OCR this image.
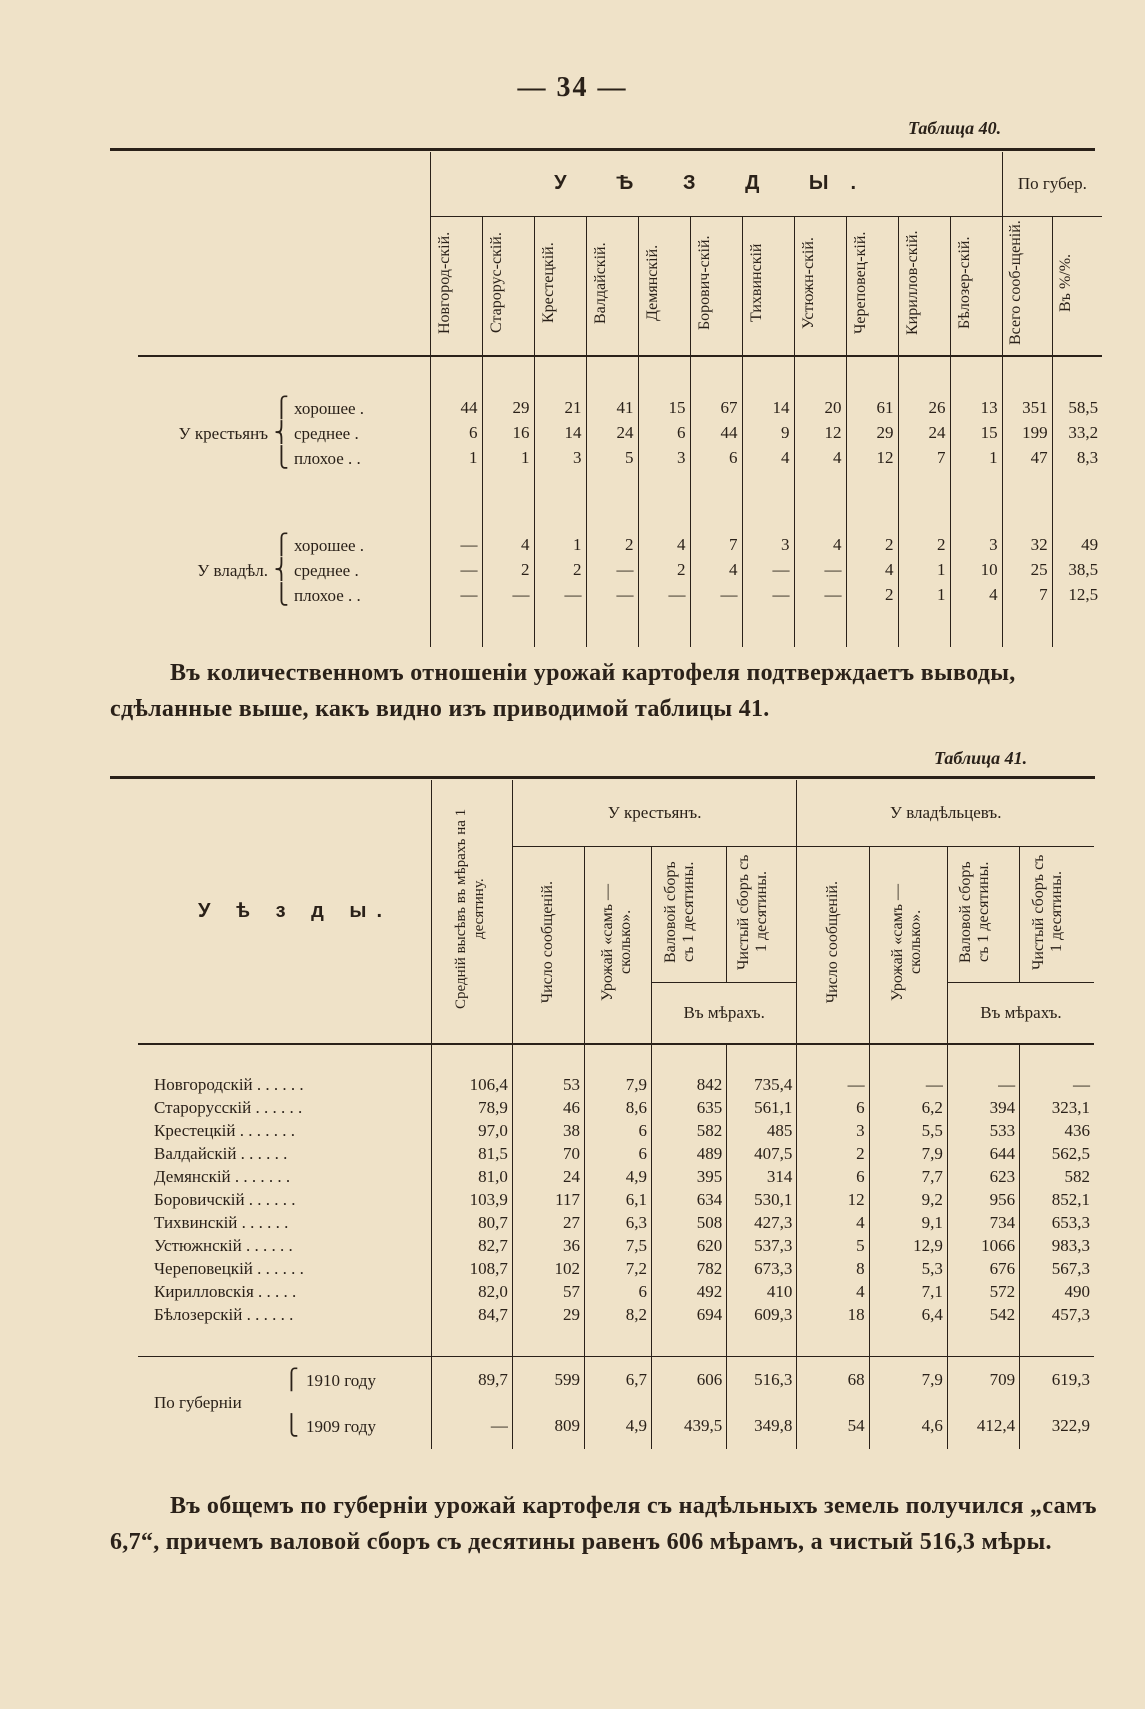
— 34 —
Таблица 40.
	У Ѣ З Д Ы.											По губер.	
	Новгород-скій.	Старорус-скій.	Крестецкій.	Валдайскій.	Демянскій.	Борович-скій.	Тихвинскій	Устюжн-скій.	Череповец-кій.	Кириллов-скій.	Бѣлозер-скій.	Всего сооб-щеній.	Въ %/%.

⎧ хорошее .	44	29	21	41	15	67	14	20	61	26	13	351	58,5
У крестьянъ ⎨ среднее .	6	16	14	24	6	44	9	12	29	24	15	199	33,2
⎩ плохое . .	1	1	3	5	3	6	4	4	12	7	1	47	8,3

⎧ хорошее .	—	4	1	2	4	7	3	4	2	2	3	32	49
У владѣл. ⎨ среднее .	—	2	2	—	2	4	—	—	4	1	10	25	38,5
⎩ плохое . .	—	—	—	—	—	—	—	—	2	1	4	7	12,5

Въ количественномъ отношеніи урожай картофеля подтверждаетъ выводы, сдѣланные выше, какъ видно изъ приводимой таблицы 41.
Таблица 41.
У ѣ з д ы.	Средній высѣвъ въ мѣрахъ на 1 десятину.	У крестьянъ.				У владѣльцевъ.			
		Число сообщеній.	Урожай «самъ — сколько».	Валовой сборъ съ 1 десятины.	Чистый сборъ съ 1 десятины.	Число сообщеній.	Урожай «самъ — сколько».	Валовой сборъ съ 1 десятины.	Чистый сборъ съ 1 десятины.
				Въ мѣрахъ.				Въ мѣрахъ.	

Новгородскій . . . . . .	106,4	53	7,9	842	735,4	—	—	—	—
Старорусскій . . . . . .	78,9	46	8,6	635	561,1	6	6,2	394	323,1
Крестецкій . . . . . . .	97,0	38	6	582	485	3	5,5	533	436
Валдайскій . . . . . .	81,5	70	6	489	407,5	2	7,9	644	562,5
Демянскій . . . . . . .	81,0	24	4,9	395	314	6	7,7	623	582
Боровичскій . . . . . .	103,9	117	6,1	634	530,1	12	9,2	956	852,1
Тихвинскій . . . . . .	80,7	27	6,3	508	427,3	4	9,1	734	653,3
Устюжнскій . . . . . .	82,7	36	7,5	620	537,3	5	12,9	1066	983,3
Череповецкій . . . . . .	108,7	102	7,2	782	673,3	8	5,3	676	567,3
Кирилловскія . . . . .	82,0	57	6	492	410	4	7,1	572	490
Бѣлозерскій . . . . . .	84,7	29	8,2	694	609,3	18	6,4	542	457,3

По губерніи⎧ 1910 году	89,7	599	6,7	606	516,3	68	7,9	709	619,3
⎩ 1909 году	—	809	4,9	439,5	349,8	54	4,6	412,4	322,9
Въ общемъ по губерніи урожай картофеля съ надѣльныхъ земель получился „самъ 6,7“, причемъ валовой сборъ съ десятины равенъ 606 мѣрамъ, а чистый 516,3 мѣры.
